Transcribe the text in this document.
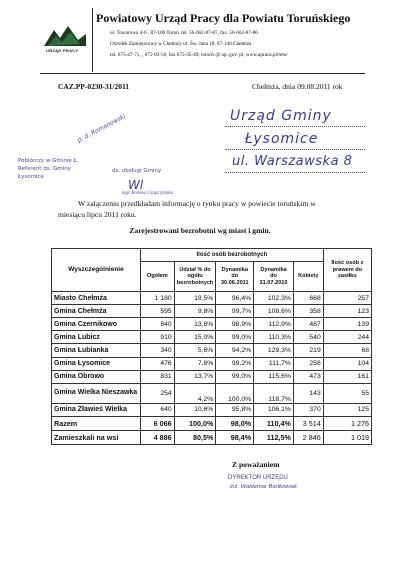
URZĄD PRACY
Powiatowy Urząd Pracy dla Powiatu Toruńskiego
ul. Towarowa 4-6 , 87-100 Toruń, tel. 56-662-87-87, fax. 56-662-87-86
Ośrodek Zamiejscowy w Chełmży ul. Św. Jana 18, 87-140 Chełmża
tel. 675-47-71, , 675-03-56, fax.675-35-49; totoch @ up. gov. pl, www.apraca.pl/toto/
CAZ.PP-0230-31/2011	Chełmża, dnia 09.08.2011 rok
Urząd Gminy
Łysomice
ul. Warszawska 8
p. d. Romanowski
Pobiórczy w Gminie Ł.
Referent ds. Gminy
Łysomice
ds. obsługi Gminy
Wl
mgr Bożena Czapczyńska
W załączeniu przedkładam informację o rynku pracy w powiecie toruńskim w
miesiącu lipcu 2011 roku.
Zarejestrowani bezrobotni wg miast i gmin.
Wyszczególnienie	Ilość osób bezrobotnych					Ilość osób z prawem do zasiłku
	Ogółem	Udział % do ogółu bezrobotnych	Dynamika do 30.06.2011	Dynamika do 31.07.2010	Kobiety	
Miasto Chełmża	1 180	19,5%	96,4%	102,3%	668	257
Gmina Chełmża	595	9,8%	99,7%	108,6%	358	123
Gmina Czernikowo	840	13,8%	98,9%	112,9%	487	139
Gmina Lubicz	910	15,0%	99,0%	110,3%	540	244
Gmina Łubianka	340	5,6%	94,2%	129,3%	219	68
Gmina Łysomice	476	7,8%	99,2%	111,7%	256	104
Gmina Obrowo	831	13,7%	99,0%	115,6%	473	161
Gmina Wielka Nieszawka	254	4,2%	100,0%	118,7%	143	55
Gmina Zławieś Wielka	640	10,6%	95,8%	106,1%	370	125
Razem	6 066	100,0%	98,0%	110,4%	3 514	1 276
Zamieszkali na wsi	4 886	80,5%	98,4%	112,5%	2 846	1 019
Z poważaniem
DYREKTOR URZĘDU
inż. Waldemar Bartkowiak
